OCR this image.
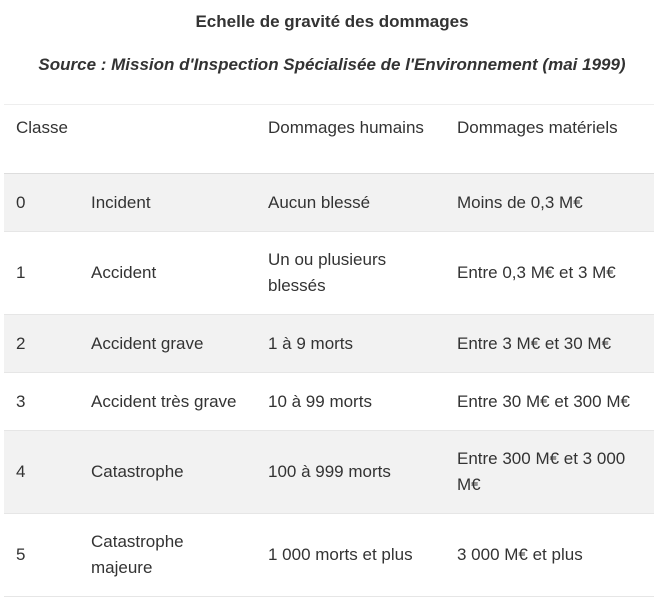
Echelle de gravité des dommages
Source : Mission d'Inspection Spécialisée de l'Environnement (mai 1999)
Classe		Dommages humains	Dommages matériels
0	Incident	Aucun blessé	Moins de 0,3 M€
1	Accident	Un ou plusieurs blessés	Entre 0,3 M€ et 3 M€
2	Accident grave	1 à 9 morts	Entre 3 M€ et 30 M€
3	Accident très grave	10 à 99 morts	Entre 30 M€ et 300 M€
4	Catastrophe	100 à 999 morts	Entre 300 M€ et 3 000 M€
5	Catastrophe majeure	1 000 morts et plus	3 000 M€ et plus
